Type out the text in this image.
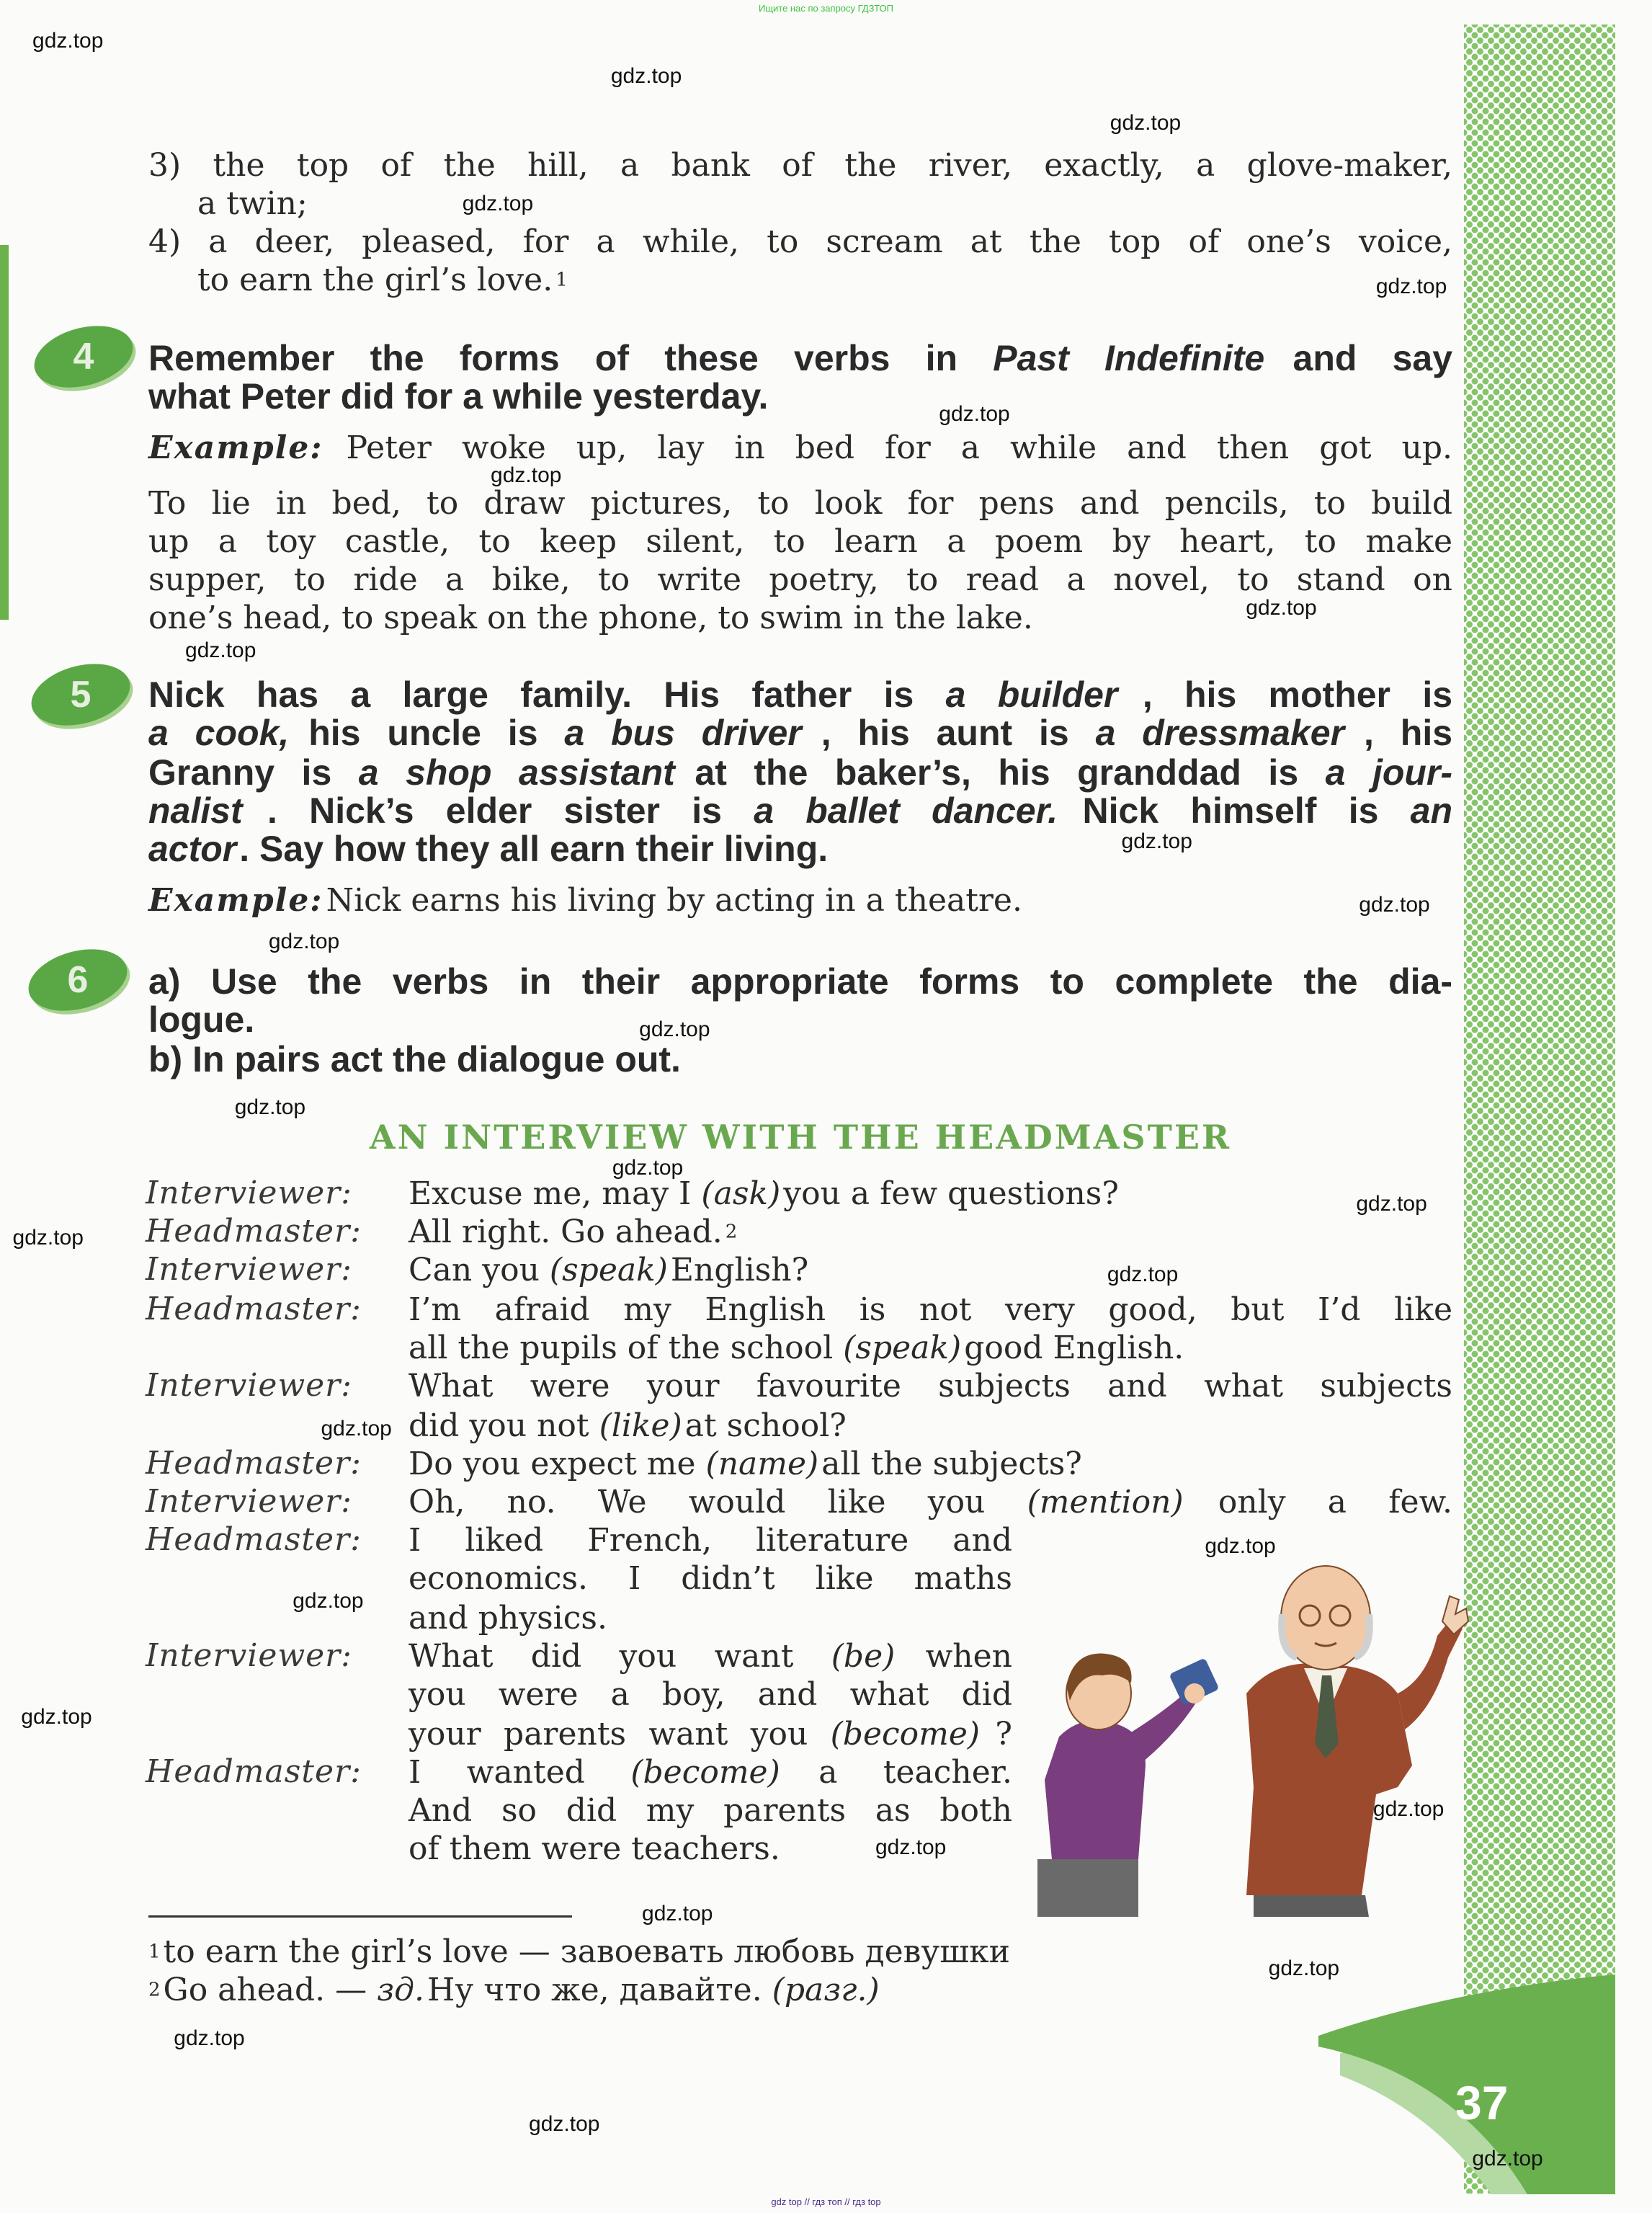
Ищите нас по запросу ГДЗТОП
37
4
5
6
3) the top of the hill, a bank of the river, exactly, a glove-maker,
a twin;
4) a deer, pleased, for a while, to scream at the top of one’s voice,
to earn the girl’s love. 1
Remember the forms of these verbs in Past Indefinite and say
what Peter did for a while yesterday.
Example: Peter woke up, lay in bed for a while and then got up.
To lie in bed, to draw pictures, to look for pens and pencils, to build
up a toy castle, to keep silent, to learn a poem by heart, to make
supper, to ride a bike, to write poetry, to read a novel, to stand on
one’s head, to speak on the phone, to swim in the lake.
Nick has a large family. His father is a builder , his mother is
a cook, his uncle is a bus driver , his aunt is a dressmaker , his
Granny is a shop assistant at the baker’s, his granddad is a jour-
nalist . Nick’s elder sister is a ballet dancer. Nick himself is an
actor . Say how they all earn their living.
Example: Nick earns his living by acting in a theatre.
a) Use the verbs in their appropriate forms to complete the dia-
logue.
b) In pairs act the dialogue out.
AN INTERVIEW WITH THE HEADMASTER
Interviewer: Excuse me, may I (ask) you a few questions?
Headmaster: All right. Go ahead. 2
Interviewer: Can you (speak) English?
Headmaster: I’m afraid my English is not very good, but I’d like
all the pupils of the school (speak) good English.
Interviewer: What were your favourite subjects and what subjects
did you not (like) at school?
Headmaster: Do you expect me (name) all the subjects?
Interviewer: Oh, no. We would like you (mention) only a few.
Headmaster: I liked French, literature and
economics. I didn’t like maths
and physics.
Interviewer: What did you want (be) when
you were a boy, and what did
your parents want you (become) ?
Headmaster: I wanted (become) a teacher.
And so did my parents as both
of them were teachers.
1 to earn the girl’s love — завоевать любовь девушки
2 Go ahead. — зд. Ну что же, давайте. (разг.)
gdz top // гдз топ // гдз top
gdz.top
gdz.top
gdz.top
gdz.top
gdz.top
gdz.top
gdz.top
gdz.top
gdz.top
gdz.top
gdz.top
gdz.top
gdz.top
gdz.top
gdz.top
gdz.top
gdz.top
gdz.top
gdz.top
gdz.top
gdz.top
gdz.top
gdz.top
gdz.top
gdz.top
gdz.top
gdz.top
gdz.top
gdz.top
